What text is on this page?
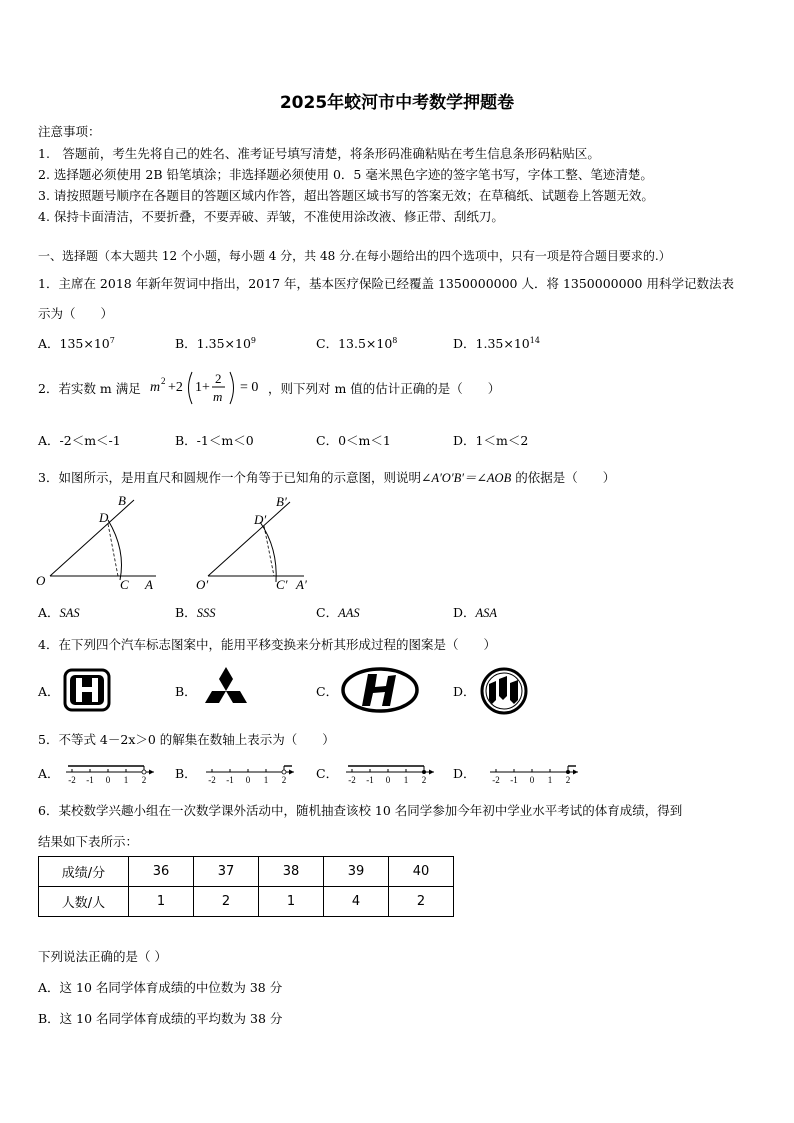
2025年蛟河市中考数学押题卷
注意事项：
1.　答题前，考生先将自己的姓名、准考证号填写清楚，将条形码准确粘贴在考生信息条形码粘贴区。
2. 选择题必须使用 2B 铅笔填涂；非选择题必须使用 0．5 毫米黑色字迹的签字笔书写，字体工整、笔迹清楚。
3. 请按照题号顺序在各题目的答题区域内作答，超出答题区域书写的答案无效；在草稿纸、试题卷上答题无效。
4. 保持卡面清洁，不要折叠，不要弄破、弄皱，不准使用涂改液、修正带、刮纸刀。
一、选择题（本大题共 12 个小题，每小题 4 分，共 48 分.在每小题给出的四个选项中，只有一项是符合题目要求的.）
1．主席在 2018 年新年贺词中指出，2017 年，基本医疗保险已经覆盖 1350000000 人．将 1350000000 用科学记数法表
示为（　　）
A．$135\times 10^7$	B．$1.35\times 10^9$	C．$13.5\times 10^8$	D．$1.35\times 10^{14}$
2．若实数 m 满足 m 2 +2 1+
2
m
= 0 ，则下列对 m 值的估计正确的是（　　）
A．-2＜m＜-1	B．-1＜m＜0	C．0＜m＜1	D．1＜m＜2
3．如图所示，是用直尺和圆规作一个角等于已知角的示意图，则说明∠A′O′B′＝∠AOB 的依据是（　　）
O	A
B
C
D
O′	A′
B′
C′
D′
A．SAS	B．SSS	C．AAS	D．ASA
4．在下列四个汽车标志图案中，能用平移变换来分析其形成过程的图案是（　　）
A．	B．	C．	D．
5．不等式 4－2x＞0 的解集在数轴上表示为（　　）
A． -2 -1 0 1 2 B． -2 -1 0 1 2 C． -2 -1 0 1 2 D． -2 -1 0 1 2
6．某校数学兴趣小组在一次数学课外活动中，随机抽查该校 10 名同学参加今年初中学业水平考试的体育成绩，得到
结果如下表所示：
成绩/分	36	37	38	39	40
人数/人	1	2	1	4	2
下列说法正确的是（ ）
A．这 10 名同学体育成绩的中位数为 38 分
B．这 10 名同学体育成绩的平均数为 38 分
